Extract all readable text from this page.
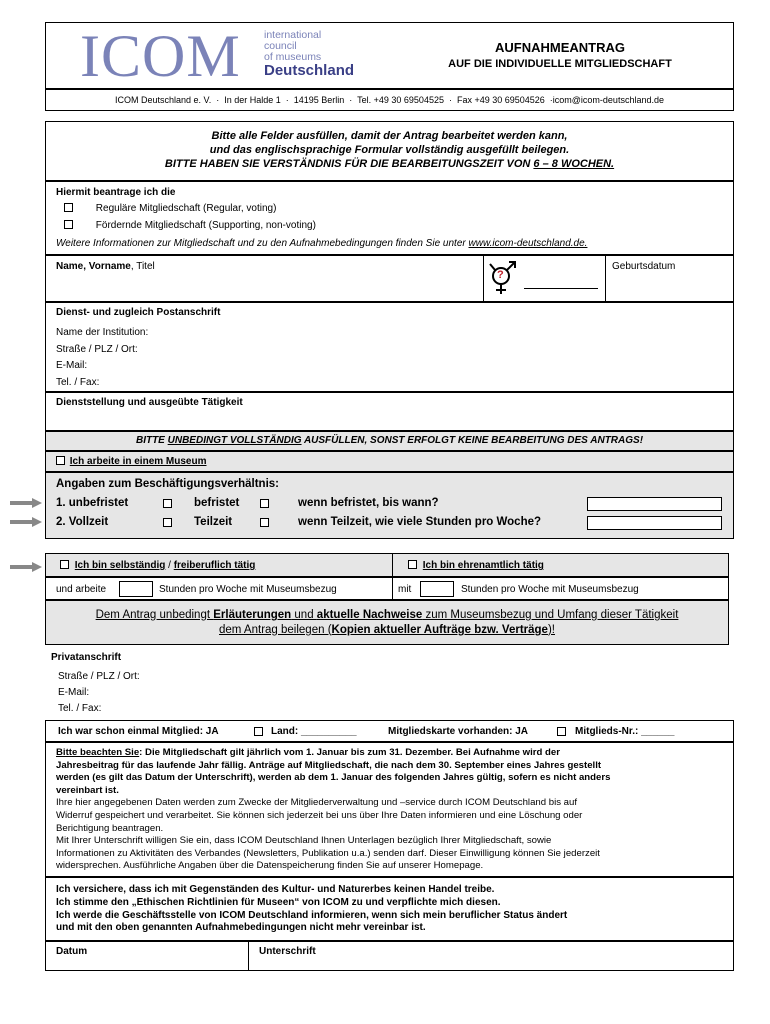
ICOM international
council
of museums
Deutschland
AUFNAHMEANTRAG
AUF DIE INDIVIDUELLE MITGLIEDSCHAFT
ICOM Deutschland e. V.  ·  In der Halde 1  ·  14195 Berlin  ·  Tel. +49 30 69504525  ·  Fax +49 30 69504526  ·icom@icom-deutschland.de
Bitte alle Felder ausfüllen, damit der Antrag bearbeitet werden kann,
und das englischsprachige Formular vollständig ausgefüllt beilegen.
BITTE HABEN SIE VERSTÄNDNIS FÜR DIE BEARBEITUNGSZEIT VON 6 – 8 WOCHEN.
Hiermit beantrage ich die
Reguläre Mitgliedschaft (Regular, voting)
Fördernde Mitgliedschaft (Supporting, non-voting)
Weitere Informationen zur Mitgliedschaft und zu den Aufnahmebedingungen finden Sie unter www.icom-deutschland.de.
Name, Vorname, Titel
?
Geburtsdatum
Dienst- und zugleich Postanschrift
Name der Institution:
Straße / PLZ / Ort:
E-Mail:
Tel. / Fax:
Dienststellung und ausgeübte Tätigkeit
BITTE UNBEDINGT VOLLSTÄNDIG AUSFÜLLEN, SONST ERFOLGT KEINE BEARBEITUNG DES ANTRAGS!
Ich arbeite in einem Museum
Angaben zum Beschäftigungsverhältnis:
1. unbefristet	befristet	wenn befristet, bis wann?
2. Vollzeit	Teilzeit	wenn Teilzeit, wie viele Stunden pro Woche?
Ich bin selbständig / freiberuflich tätig	Ich bin ehrenamtlich tätig
und arbeite	Stunden pro Woche mit Museumsbezug	mit	Stunden pro Woche mit Museumsbezug
Dem Antrag unbedingt Erläuterungen und aktuelle Nachweise zum Museumsbezug und Umfang dieser Tätigkeit
dem Antrag beilegen (Kopien aktueller Aufträge bzw. Verträge)!
Privatanschrift
Straße / PLZ / Ort:
E-Mail:
Tel. / Fax:
Ich war schon einmal Mitglied: JA	Land: __________	Mitgliedskarte vorhanden: JA	Mitglieds-Nr.: ______
Bitte beachten Sie: Die Mitgliedschaft gilt jährlich vom 1. Januar bis zum 31. Dezember. Bei Aufnahme wird der
Jahresbeitrag für das laufende Jahr fällig. Anträge auf Mitgliedschaft, die nach dem 30. September eines Jahres gestellt
werden (es gilt das Datum der Unterschrift), werden ab dem 1. Januar des folgenden Jahres gültig, sofern es nicht anders
vereinbart ist.
Ihre hier angegebenen Daten werden zum Zwecke der Mitgliederverwaltung und –service durch ICOM Deutschland bis auf
Widerruf gespeichert und verarbeitet. Sie können sich jederzeit bei uns über Ihre Daten informieren und eine Löschung oder
Berichtigung beantragen.
Mit Ihrer Unterschrift willigen Sie ein, dass ICOM Deutschland Ihnen Unterlagen bezüglich Ihrer Mitgliedschaft, sowie
Informationen zu Aktivitäten des Verbandes (Newsletters, Publikation u.a.) senden darf. Dieser Einwilligung können Sie jederzeit
widersprechen. Ausführliche Angaben über die Datenspeicherung finden Sie auf unserer Homepage.
Ich versichere, dass ich mit Gegenständen des Kultur- und Naturerbes keinen Handel treibe.
Ich stimme den „Ethischen Richtlinien für Museen“ von ICOM zu und verpflichte mich diesen.
Ich werde die Geschäftsstelle von ICOM Deutschland informieren, wenn sich mein beruflicher Status ändert
und mit den oben genannten Aufnahmebedingungen nicht mehr vereinbar ist.
Datum	Unterschrift
